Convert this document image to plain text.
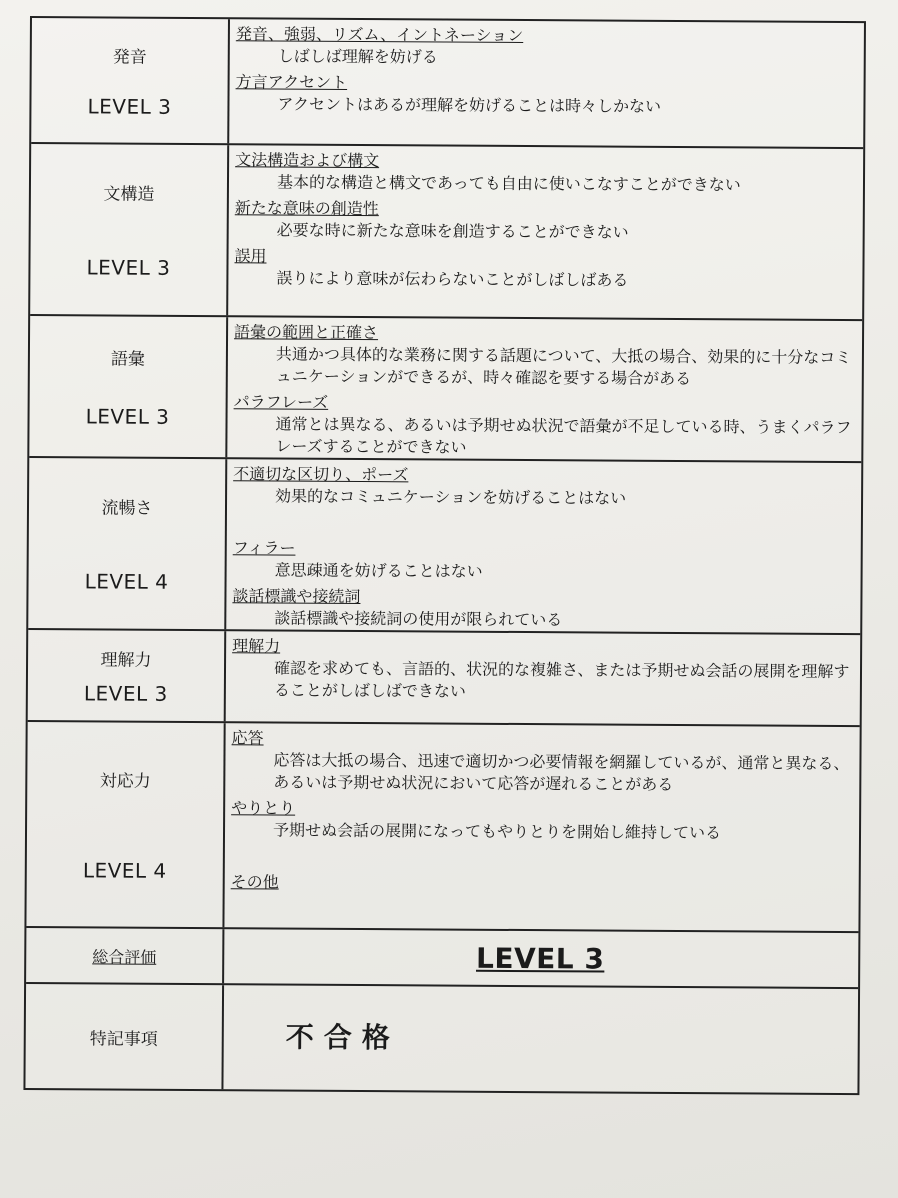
発音
LEVEL 3
発音、強弱、リズム、イントネーション
しばしば理解を妨げる
方言アクセント
アクセントはあるが理解を妨げることは時々しかない
文構造
LEVEL 3
文法構造および構文
基本的な構造と構文であっても自由に使いこなすことができない
新たな意味の創造性
必要な時に新たな意味を創造することができない
誤用
誤りにより意味が伝わらないことがしばしばある
語彙
LEVEL 3
語彙の範囲と正確さ
共通かつ具体的な業務に関する話題について、大抵の場合、効果的に十分なコミュニケーションができるが、時々確認を要する場合がある
パラフレーズ
通常とは異なる、あるいは予期せぬ状況で語彙が不足している時、うまくパラフレーズすることができない
流暢さ
LEVEL 4
不適切な区切り、ポーズ
効果的なコミュニケーションを妨げることはない
フィラー
意思疎通を妨げることはない
談話標識や接続詞
談話標識や接続詞の使用が限られている
理解力
LEVEL 3
理解力
確認を求めても、言語的、状況的な複雑さ、または予期せぬ会話の展開を理解することがしばしばできない
対応力
LEVEL 4
応答
応答は大抵の場合、迅速で適切かつ必要情報を網羅しているが、通常と異なる、あるいは予期せぬ状況において応答が遅れることがある
やりとり
予期せぬ会話の展開になってもやりとりを開始し維持している
その他
総合評価	LEVEL 3
特記事項	不合格
